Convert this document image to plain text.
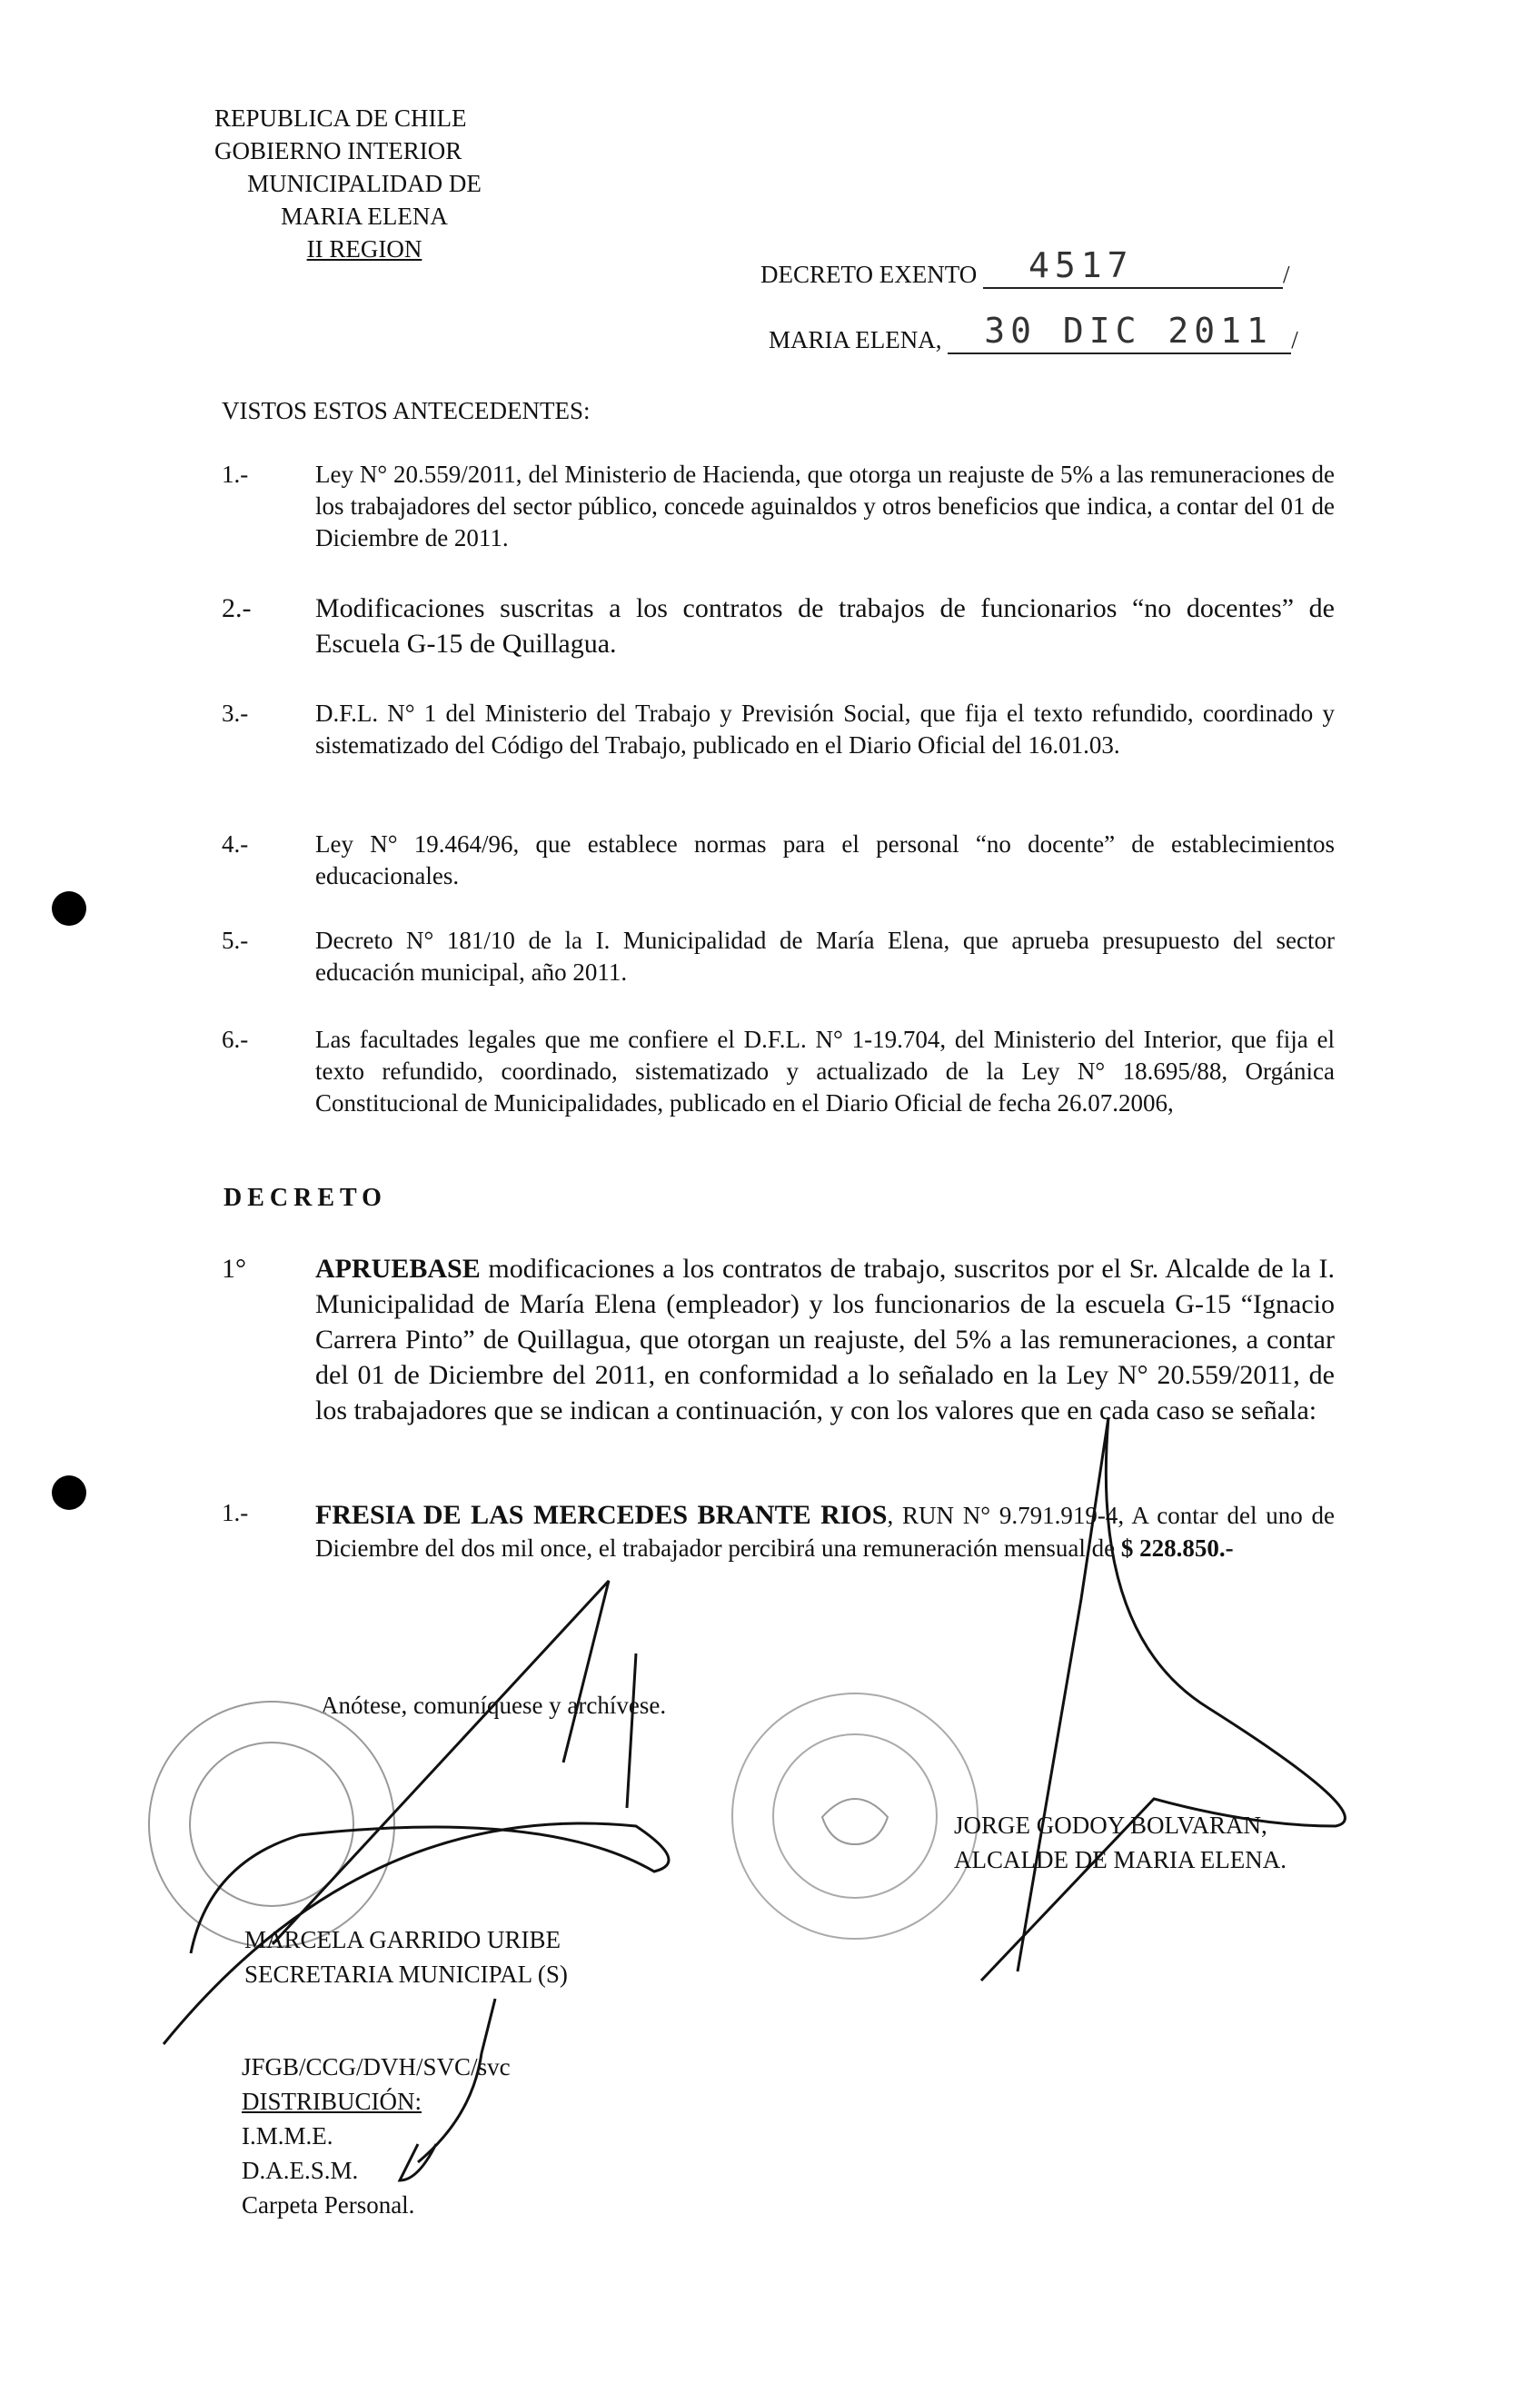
REPUBLICA DE CHILE
GOBIERNO INTERIOR
MUNICIPALIDAD DE
MARIA ELENA
II REGION
DECRETO EXENTO 4517	/
MARIA ELENA, 30 DIC 2011 /
VISTOS ESTOS ANTECEDENTES:
1.-	Ley N° 20.559/2011, del Ministerio de Hacienda, que otorga un reajuste de 5% a las remuneraciones de los trabajadores del sector público, concede aguinaldos y otros beneficios que indica, a contar del 01 de Diciembre de 2011.
2.- Modificaciones suscritas a los contratos de trabajos de funcionarios “no docentes” de Escuela G-15 de Quillagua.
3.-	D.F.L. N° 1 del Ministerio del Trabajo y Previsión Social, que fija el texto refundido, coordinado y sistematizado del Código del Trabajo, publicado en el Diario Oficial del 16.01.03.
4.-	Ley N° 19.464/96, que establece normas para el personal “no docente” de establecimientos educacionales.
5.-	Decreto N° 181/10 de la I. Municipalidad de María Elena, que aprueba presupuesto del sector educación municipal, año 2011.
6.-	Las facultades legales que me confiere el D.F.L. N° 1-19.704, del Ministerio del Interior, que fija el texto refundido, coordinado, sistematizado y actualizado de la Ley N° 18.695/88, Orgánica Constitucional de Municipalidades, publicado en el Diario Oficial de fecha 26.07.2006,
DECRETO
1°	APRUEBASE modificaciones a los contratos de trabajo, suscritos por el Sr. Alcalde de la I. Municipalidad de María Elena (empleador) y los funcionarios de la escuela G-15 “Ignacio Carrera Pinto” de Quillagua, que otorgan un reajuste, del 5% a las remuneraciones, a contar del 01 de Diciembre del 2011, en conformidad a lo señalado en la Ley N° 20.559/2011, de los trabajadores que se indican a continuación, y con los valores que en cada caso se señala:
1.- FRESIA DE LAS MERCEDES BRANTE RIOS, RUN N° 9.791.919-4, A contar del uno de Diciembre del dos mil once, el trabajador percibirá una remuneración mensual de $ 228.850.-
Anótese, comuníquese y archívese.
JORGE GODOY BOLVARAN,
ALCALDE DE MARIA ELENA.
MARCELA GARRIDO URIBE
SECRETARIA MUNICIPAL (S)
JFGB/CCG/DVH/SVC/svc
DISTRIBUCIÓN:
I.M.M.E.
D.A.E.S.M.
Carpeta Personal.
